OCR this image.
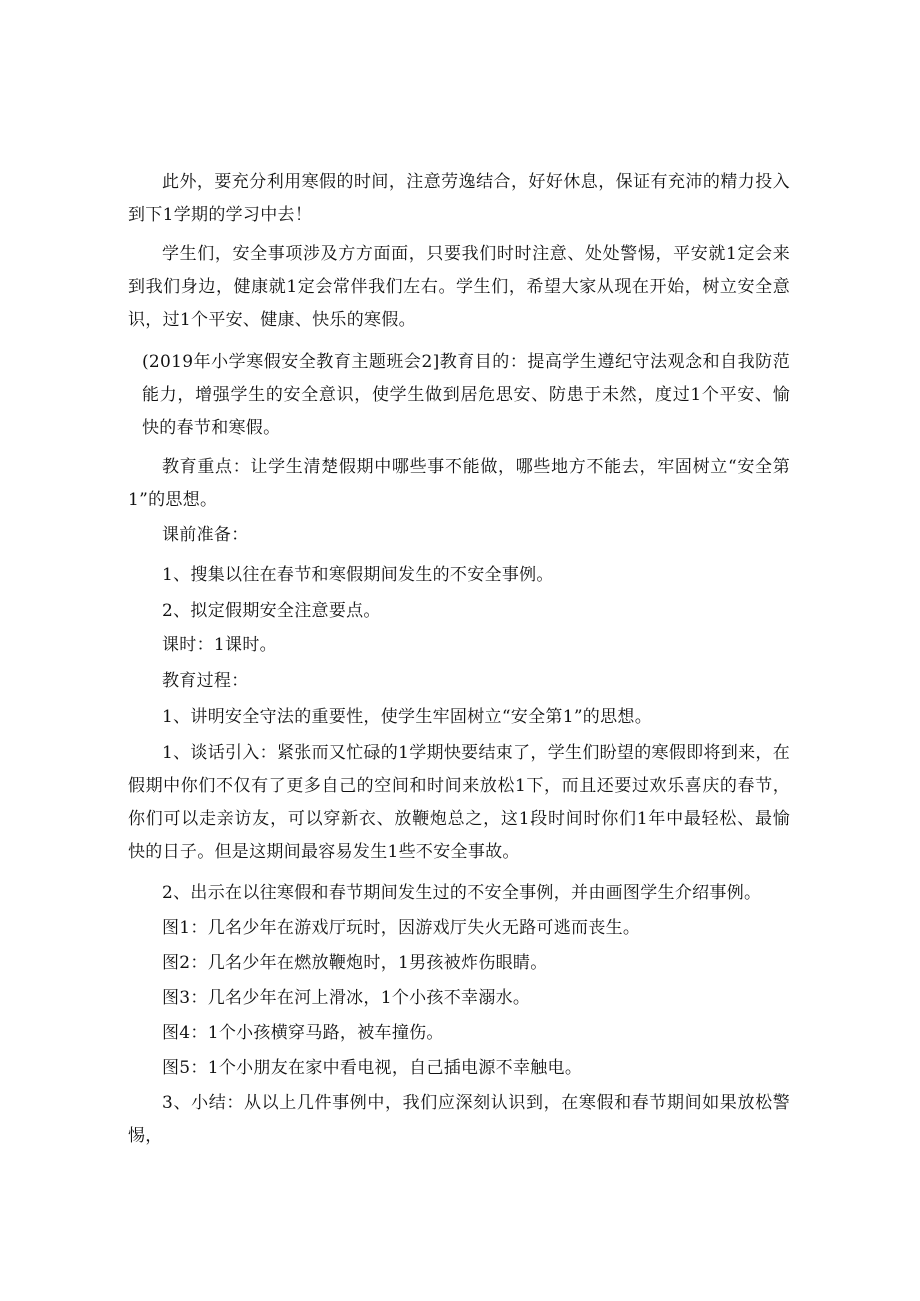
此外，要充分利用寒假的时间，注意劳逸结合，好好休息，保证有充沛的精力投入到下1学期的学习中去！

学生们，安全事项涉及方方面面，只要我们时时注意、处处警惕，平安就1定会来到我们身边，健康就1定会常伴我们左右。学生们，希望大家从现在开始，树立安全意识，过1个平安、健康、快乐的寒假。

(2019年小学寒假安全教育主题班会2]教育目的：提高学生遵纪守法观念和自我防范能力，增强学生的安全意识，使学生做到居危思安、防患于未然，度过1个平安、愉快的春节和寒假。

教育重点：让学生清楚假期中哪些事不能做，哪些地方不能去，牢固树立“安全第1”的思想。

课前准备：

1、搜集以往在春节和寒假期间发生的不安全事例。

2、拟定假期安全注意要点。

课时：1课时。

教育过程：

1、讲明安全守法的重要性，使学生牢固树立“安全第1”的思想。

1、谈话引入：紧张而又忙碌的1学期快要结束了，学生们盼望的寒假即将到来，在假期中你们不仅有了更多自己的空间和时间来放松1下，而且还要过欢乐喜庆的春节，你们可以走亲访友，可以穿新衣、放鞭炮总之，这1段时间时你们1年中最轻松、最愉快的日子。但是这期间最容易发生1些不安全事故。

2、出示在以往寒假和春节期间发生过的不安全事例，并由画图学生介绍事例。

图1：几名少年在游戏厅玩时，因游戏厅失火无路可逃而丧生。

图2：几名少年在燃放鞭炮时，1男孩被炸伤眼睛。

图3：几名少年在河上滑冰，1个小孩不幸溺水。

图4：1个小孩横穿马路，被车撞伤。

图5：1个小朋友在家中看电视，自己插电源不幸触电。

3、小结：从以上几件事例中，我们应深刻认识到，在寒假和春节期间如果放松警惕，
